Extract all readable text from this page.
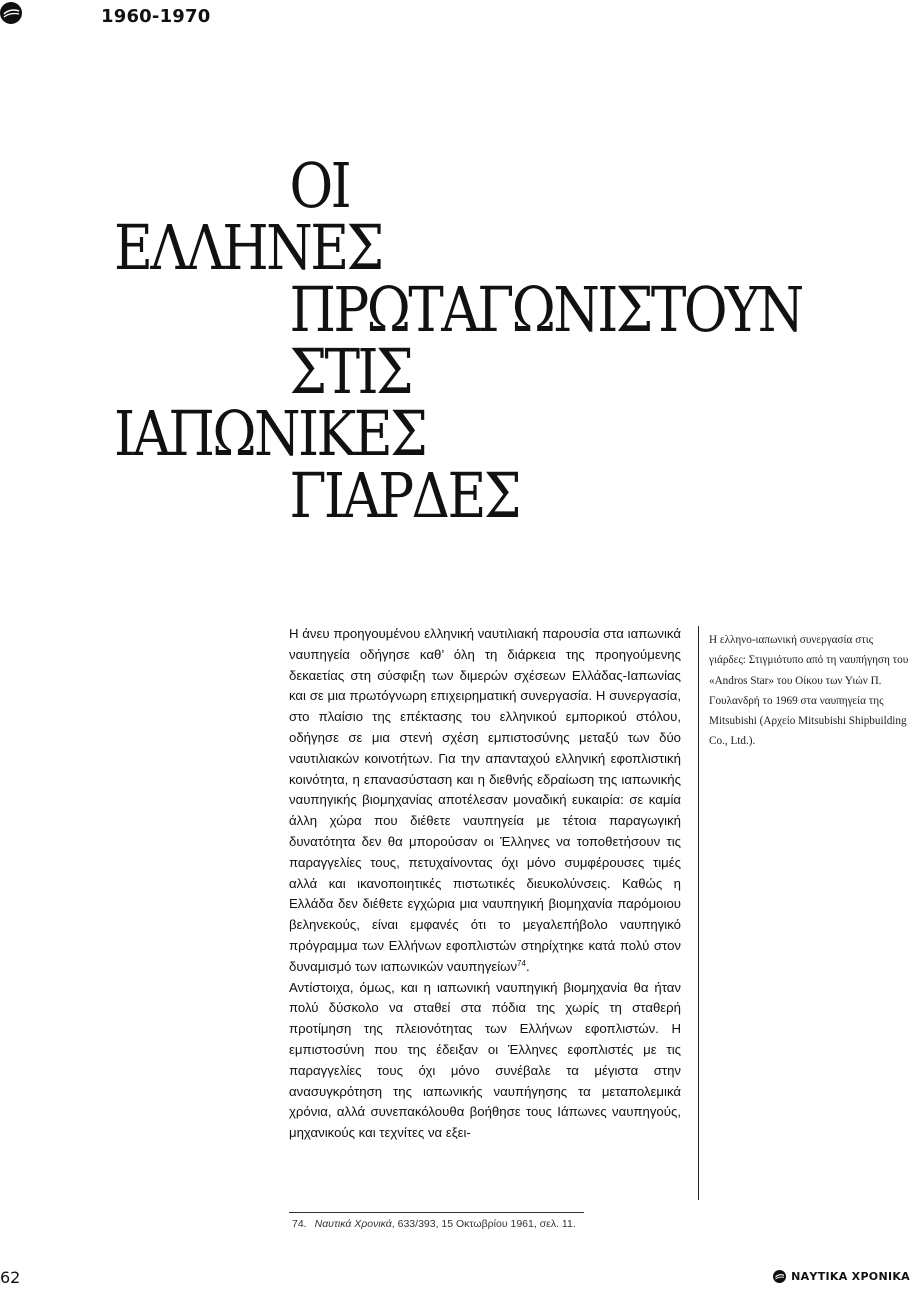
1960-1970
ΟΙ
ΕΛΛΗΝΕΣ
ΠΡΩΤΑΓΩΝΙΣΤΟΥΝ
ΣΤΙΣ
ΙΑΠΩΝΙΚΕΣ
ΓΙΑΡΔΕΣ

Η άνευ προηγουμένου ελληνική ναυτιλιακή παρουσία στα ιαπωνικά ναυπηγεία οδήγησε καθ’ όλη τη διάρκεια της προηγούμενης δεκαετίας στη σύσφιξη των διμερών σχέσεων Ελλάδας-Ιαπωνίας και σε μια πρωτόγνωρη επιχειρηματική συνεργασία. Η συνεργασία, στο πλαίσιο της επέκτασης του ελληνικού εμπορικού στόλου, οδήγησε σε μια στενή σχέση εμπιστοσύνης μεταξύ των δύο ναυτιλιακών κοινοτήτων. Για την απανταχού ελληνική εφοπλιστική κοινότητα, η επανασύσταση και η διεθνής εδραίωση της ιαπωνικής ναυπηγικής βιομηχανίας αποτέλεσαν μοναδική ευκαιρία: σε καμία άλλη χώρα που διέθετε ναυπηγεία με τέτοια παραγωγική δυνατότητα δεν θα μπορούσαν οι Έλληνες να τοποθετήσουν τις παραγγελίες τους, πετυχαίνοντας όχι μόνο συμφέρουσες τιμές αλλά και ικανοποιητικές πιστωτικές διευκολύνσεις. Καθώς η Ελλάδα δεν διέθετε εγχώρια μια ναυπηγική βιομηχανία παρόμοιου βεληνεκούς, είναι εμφανές ότι το μεγαλεπήβολο ναυπηγικό πρόγραμμα των Ελλήνων εφοπλιστών στηρίχτηκε κατά πολύ στον δυναμισμό των ιαπωνικών ναυπηγείων$^{74}$.

Αντίστοιχα, όμως, και η ιαπωνική ναυπηγική βιομηχανία θα ήταν πολύ δύσκολο να σταθεί στα πόδια της χωρίς τη σταθερή προτίμηση της πλειονότητας των Ελλήνων εφοπλιστών. Η εμπιστοσύνη που της έδειξαν οι Έλληνες εφοπλιστές με τις παραγγελίες τους όχι μόνο συνέβαλε τα μέγιστα στην ανασυγκρότηση της ιαπωνικής ναυπήγησης τα μεταπολεμικά χρόνια, αλλά συνεπακόλουθα βοήθησε τους Ιάπωνες ναυπηγούς, μηχανικούς και τεχνίτες να εξει-

Η ελληνο-ιαπωνική συνεργασία στις γιάρδες: Στιγμιότυπο από τη ναυπήγηση του «Andros Star» του Οίκου των Υιών Π. Γουλανδρή το 1969 στα ναυπηγεία της Mitsubishi (Αρχείο Mitsubishi Shipbuilding Co., Ltd.).
74. Ναυτικά Χρονικά, 633/393, 15 Οκτωβρίου 1961, σελ. 11.
62	ΝΑΥΤΙΚΑ ΧΡΟΝΙΚΑ
